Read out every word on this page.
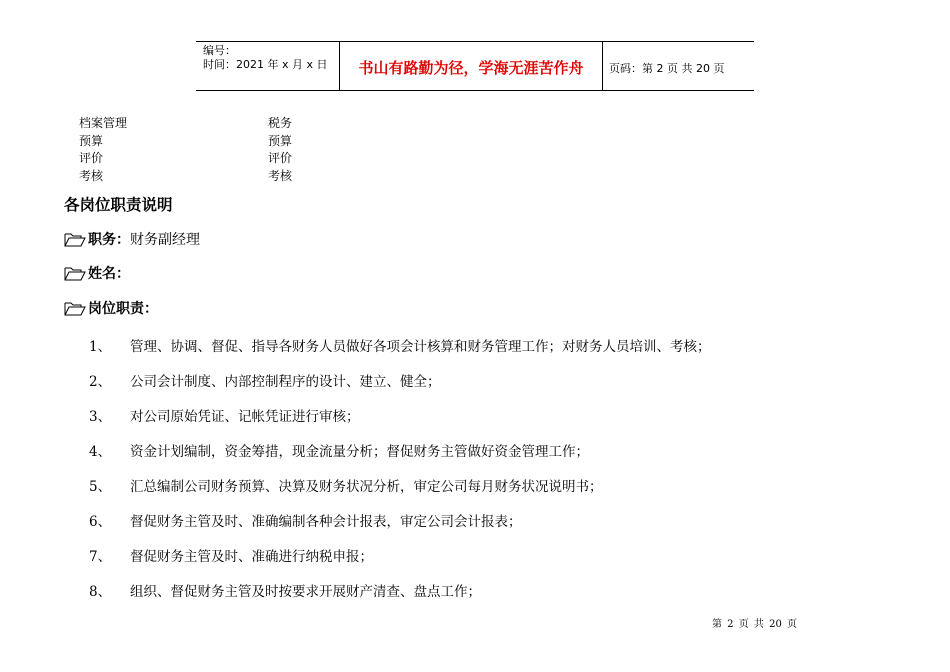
编号：
时间：2021 年 x 月 x 日	书山有路勤为径，学海无涯苦作舟	页码：第 2 页 共 20 页
档案管理	税务
预算	预算
评价	评价
考核	考核
各岗位职责说明
职务： 财务副经理
姓名：
岗位职责：
1、 管理、协调、督促、指导各财务人员做好各项会计核算和财务管理工作；对财务人员培训、考核；
2、 公司会计制度、内部控制程序的设计、建立、健全；
3、 对公司原始凭证、记帐凭证进行审核；
4、 资金计划编制，资金筹措，现金流量分析；督促财务主管做好资金管理工作；
5、 汇总编制公司财务预算、决算及财务状况分析，审定公司每月财务状况说明书；
6、 督促财务主管及时、准确编制各种会计报表，审定公司会计报表；
7、 督促财务主管及时、准确进行纳税申报；
8、 组织、督促财务主管及时按要求开展财产清查、盘点工作；
第 2 页 共 20 页
